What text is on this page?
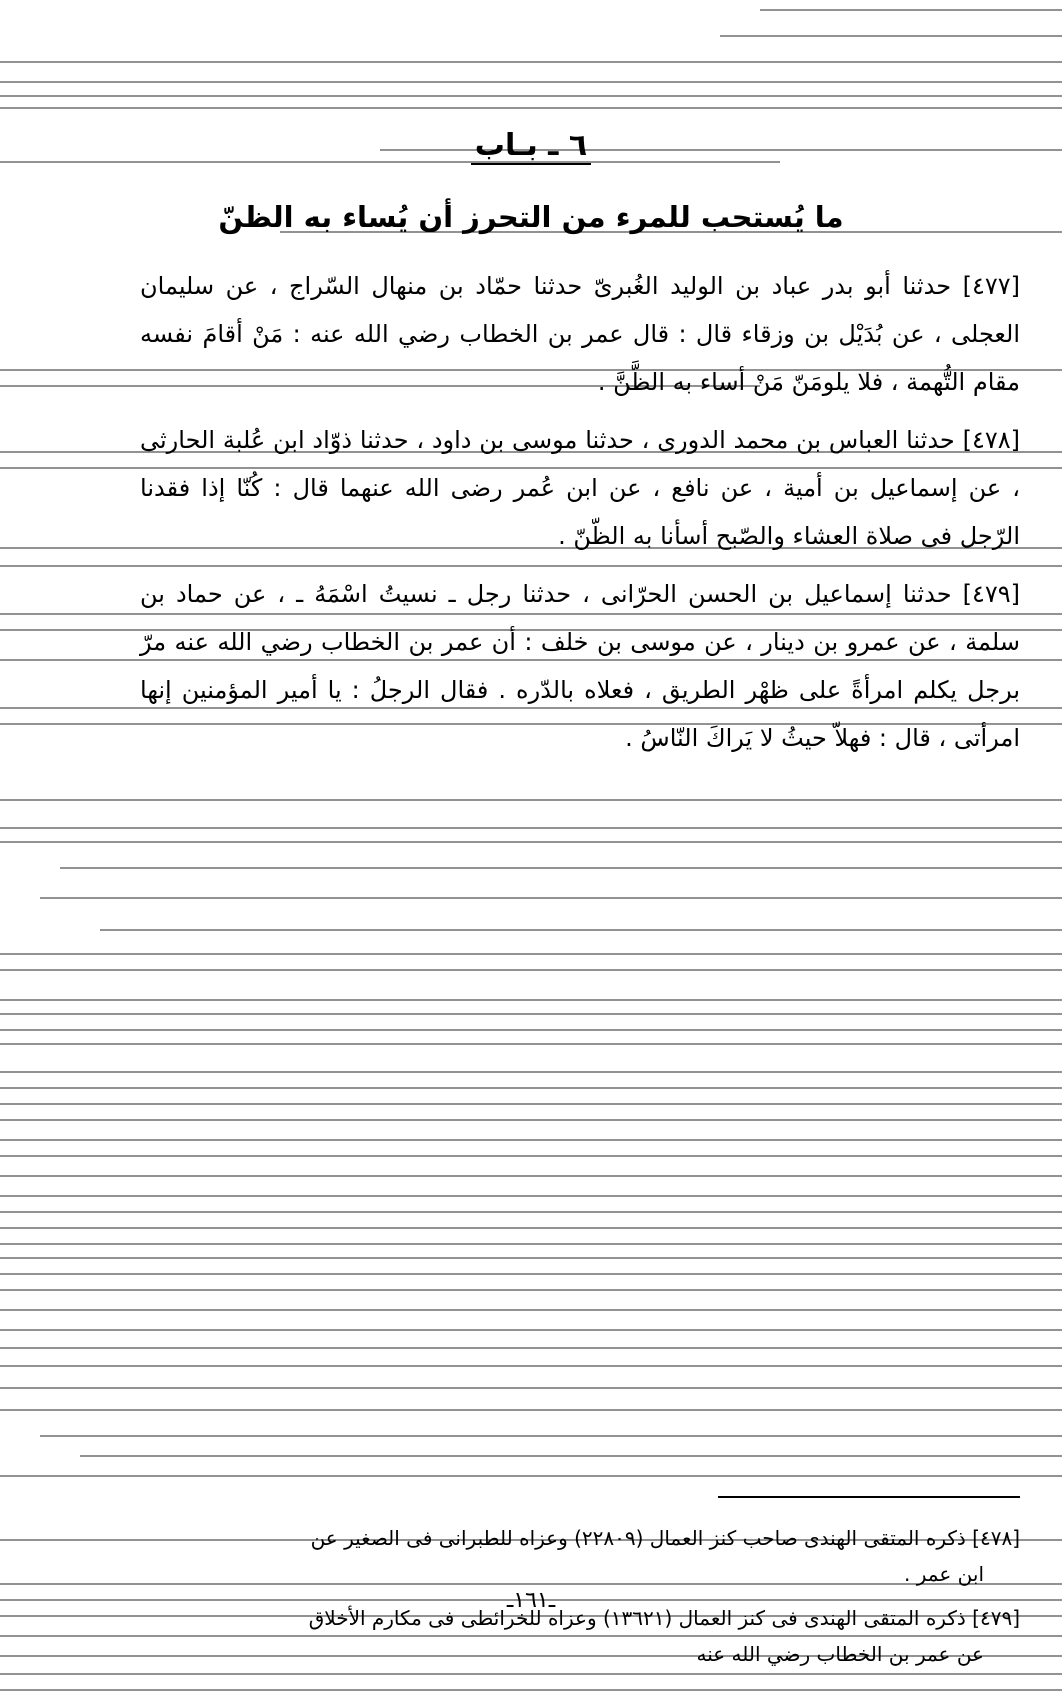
٦ ـ بـاب
ما يُستحب للمرء من التحرز أن يُساء به الظنّ

[٤٧٧] حدثنا أبو بدر عباد بن الوليد الغُبرىّ حدثنا حمّاد بن منهال السّراج ، عن سليمان العجلى ، عن بُدَيْل بن وزقاء قال : قال عمر بن الخطاب رضي الله عنه : مَنْ أقامَ نفسه مقام التُّهمة ، فلا يلومَنّ مَنْ أساء به الظَّنَّ .

[٤٧٨] حدثنا العباس بن محمد الدورى ، حدثنا موسى بن داود ، حدثنا ذوّاد ابن عُلبة الحارثى ، عن إسماعيل بن أمية ، عن نافع ، عن ابن عُمر رضى الله عنهما قال : كُنّا إذا فقدنا الرّجل فى صلاة العشاء والصّبح أسأنا به الظّنّ .

[٤٧٩] حدثنا إسماعيل بن الحسن الحرّانى ، حدثنا رجل ـ نسيتُ اسْمَهُ ـ ، عن حماد بن سلمة ، عن عمرو بن دينار ، عن موسى بن خلف : أن عمر بن الخطاب رضي الله عنه مرّ برجل يكلم امرأةً على ظهْر الطريق ، فعلاه بالدّره . فقال الرجلُ : يا أمير المؤمنين إنها امرأتى ، قال : فهلاّ حيثُ لا يَراكَ النّاسُ .

[٤٧٨] ذكره المتقى الهندى صاحب كنز العمال (٢٢٨٠٩) وعزاه للطبرانى فى الصغير عن
ابن عمر .

[٤٧٩] ذكره المتقى الهندى فى كنز العمال (١٣٦٢١) وعزاه للخرائطى فى مكارم الأخلاق
عن عمر بن الخطاب رضي الله عنه

ـ١٦١ـ
